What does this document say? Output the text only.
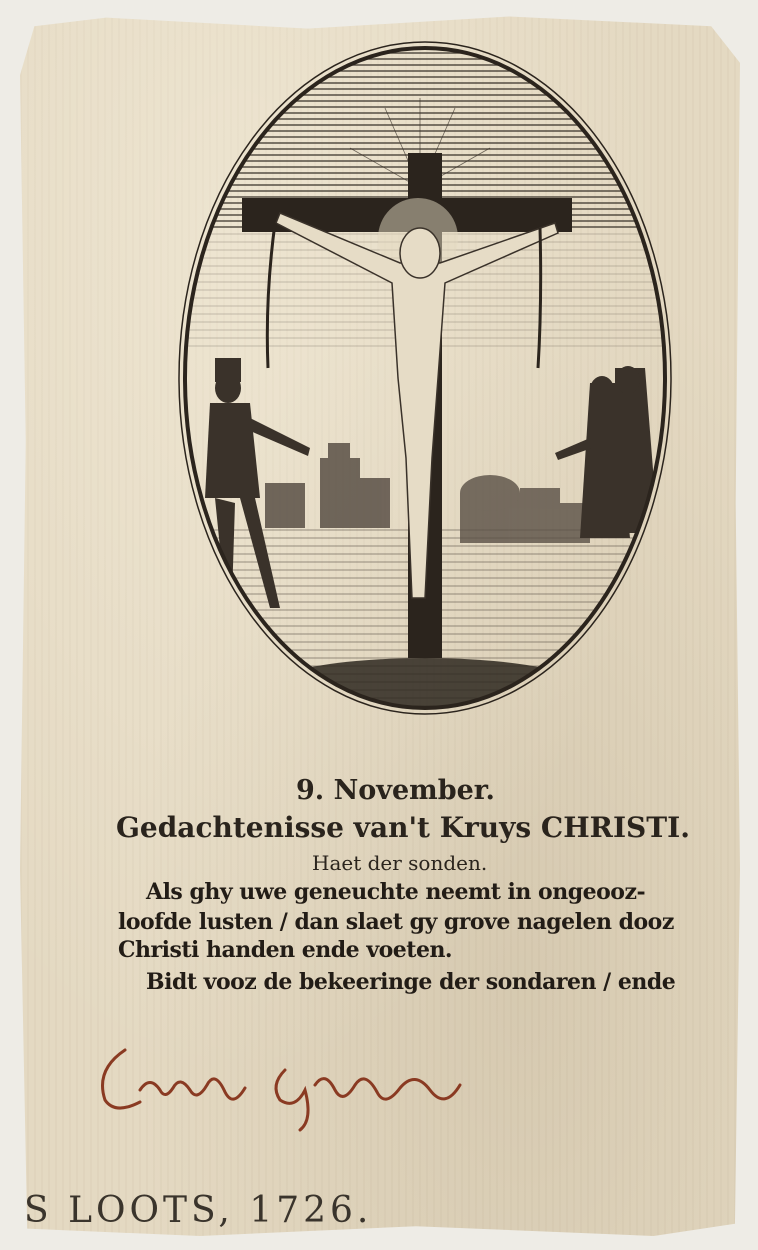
9. November.
Gedachtenisse van't Kruys CHRISTI.
Haet der sonden.
Als ghy uwe geneuchte neemt in ongeooz-
loofde lusten / dan slaet gy grove nagelen dooz
Christi handen ende voeten.
Bidt vooz de bekeeringe der sondaren / ende
S LOOTS, 1726.
